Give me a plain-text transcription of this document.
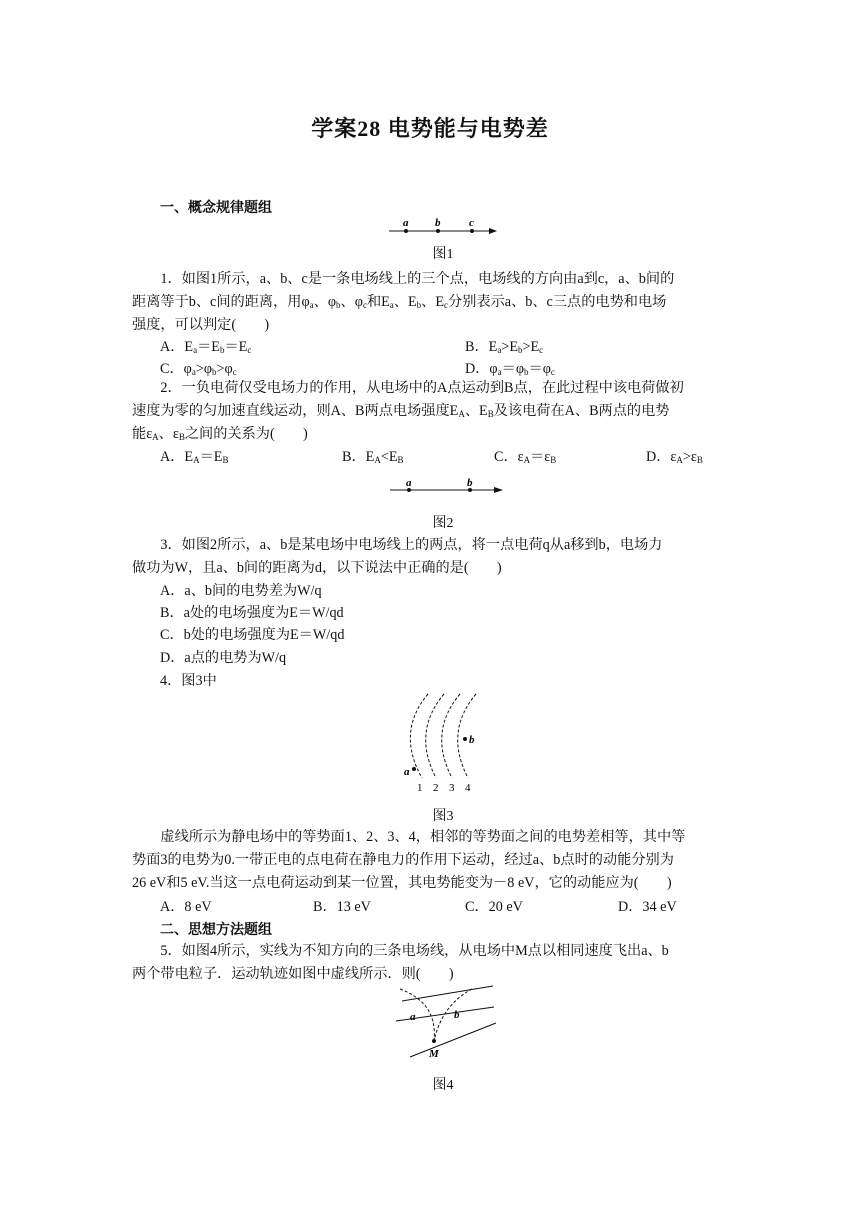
学案28 电势能与电势差
一、概念规律题组
a b	c
图1
1．如图1所示，a、b、c是一条电场线上的三个点，电场线的方向由a到c，a、b间的
距离等于b、c间的距离，用$\varphi_a$、$\varphi_b$、$\varphi_c$和$E_a$、$E_b$、$E_c$分别表示a、b、c三点的电势和电场
强度，可以判定(　　)
A．$E_a=E_b=E_c$	B．$E_a>E_b>E_c$
C．$\varphi_a>\varphi_b>\varphi_c$	D．$\varphi_a=\varphi_b=\varphi_c$
2．一负电荷仅受电场力的作用，从电场中的A点运动到B点，在此过程中该电荷做初
速度为零的匀加速直线运动，则A、B两点电场强度$E_A$、$E_B$及该电荷在A、B两点的电势
能$\varepsilon_A$、$\varepsilon_B$之间的关系为(　　)
A．$E_A=E_B$	B．$E_A<E_B$	C．$\varepsilon_A=\varepsilon_B$	D．$\varepsilon_A>\varepsilon_B$
a	b
图2
3．如图2所示，a、b是某电场中电场线上的两点，将一点电荷q从a移到b，电场力
做功为W，且a、b间的距离为d，以下说法中正确的是(　　)
A．a、b间的电势差为W/q
B．a处的电场强度为E＝W/qd
C．b处的电场强度为E＝W/qd
D．a点的电势为W/q
4．图3中
a
b
1 2 3 4
图3
虚线所示为静电场中的等势面1、2、3、4，相邻的等势面之间的电势差相等，其中等
势面3的电势为0.一带正电的点电荷在静电力的作用下运动，经过a、b点时的动能分别为
26 eV和5 eV.当这一点电荷运动到某一位置，其电势能变为－8 eV，它的动能应为(　　)
A．8 eV	B．13 eV	C．20 eV	D．34 eV
二、思想方法题组
5．如图4所示，实线为不知方向的三条电场线，从电场中M点以相同速度飞出a、b
两个带电粒子．运动轨迹如图中虚线所示．则(　　)
a	b
M
图4
